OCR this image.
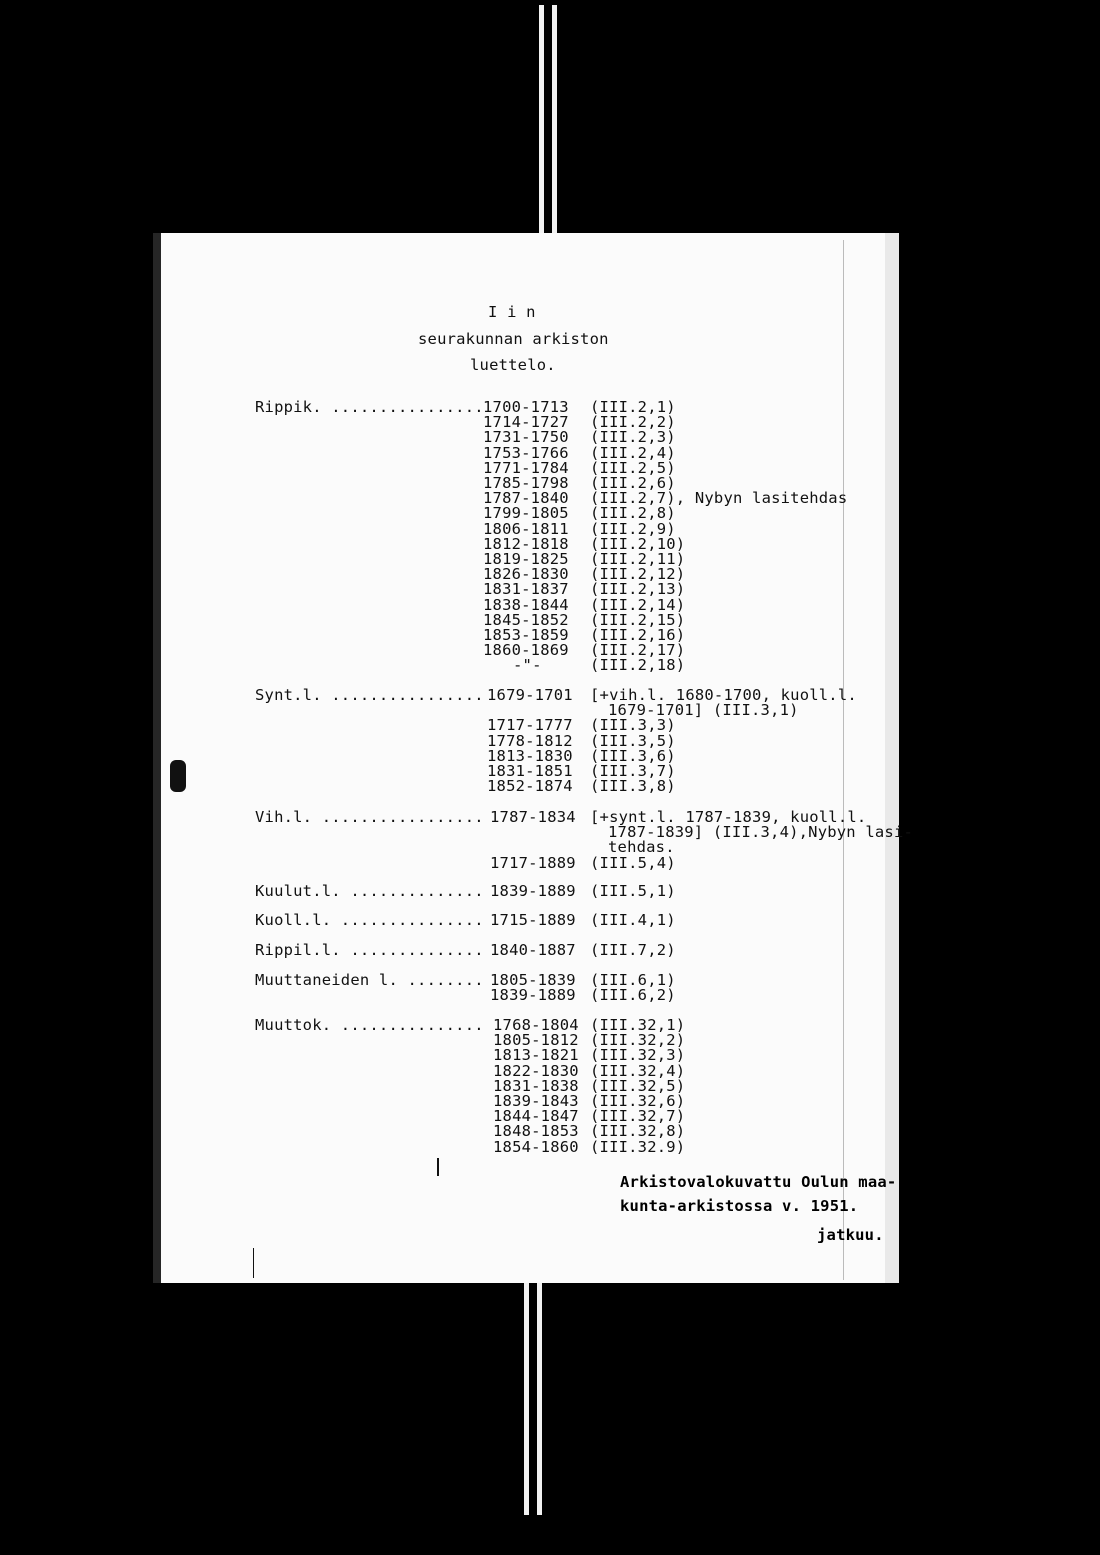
I i n
seurakunnan arkiston
luettelo.
Rippik. ................ 1700-1713 (III.2,1)
1714-1727 (III.2,2)
1731-1750 (III.2,3)
1753-1766 (III.2,4)
1771-1784 (III.2,5)
1785-1798 (III.2,6)
1787-1840 (III.2,7), Nybyn lasitehdas
1799-1805 (III.2,8)
1806-1811 (III.2,9)
1812-1818 (III.2,10)
1819-1825 (III.2,11)
1826-1830 (III.2,12)
1831-1837 (III.2,13)
1838-1844 (III.2,14)
1845-1852 (III.2,15)
1853-1859 (III.2,16)
1860-1869 (III.2,17)
-"-	(III.2,18)
Synt.l. ................ 1679-1701 [+vih.l. 1680-1700, kuoll.l.
1679-1701] (III.3,1)
1717-1777 (III.3,3)
1778-1812 (III.3,5)
1813-1830 (III.3,6)
1831-1851 (III.3,7)
1852-1874 (III.3,8)
Vih.l. ................. 1787-1834 [+synt.l. 1787-1839, kuoll.l.
1787-1839] (III.3,4),Nybyn lasi-
tehdas.
1717-1889 (III.5,4)
Kuulut.l. .............. 1839-1889 (III.5,1)
Kuoll.l. ............... 1715-1889 (III.4,1)
Rippil.l. .............. 1840-1887 (III.7,2)
Muuttaneiden l. ........ 1805-1839 (III.6,1)
1839-1889 (III.6,2)
Muuttok. ............... 1768-1804 (III.32,1)
1805-1812 (III.32,2)
1813-1821 (III.32,3)
1822-1830 (III.32,4)
1831-1838 (III.32,5)
1839-1843 (III.32,6)
1844-1847 (III.32,7)
1848-1853 (III.32,8)
1854-1860 (III.32.9)
Arkistovalokuvattu Oulun maa-
kunta-arkistossa v. 1951.
jatkuu.
